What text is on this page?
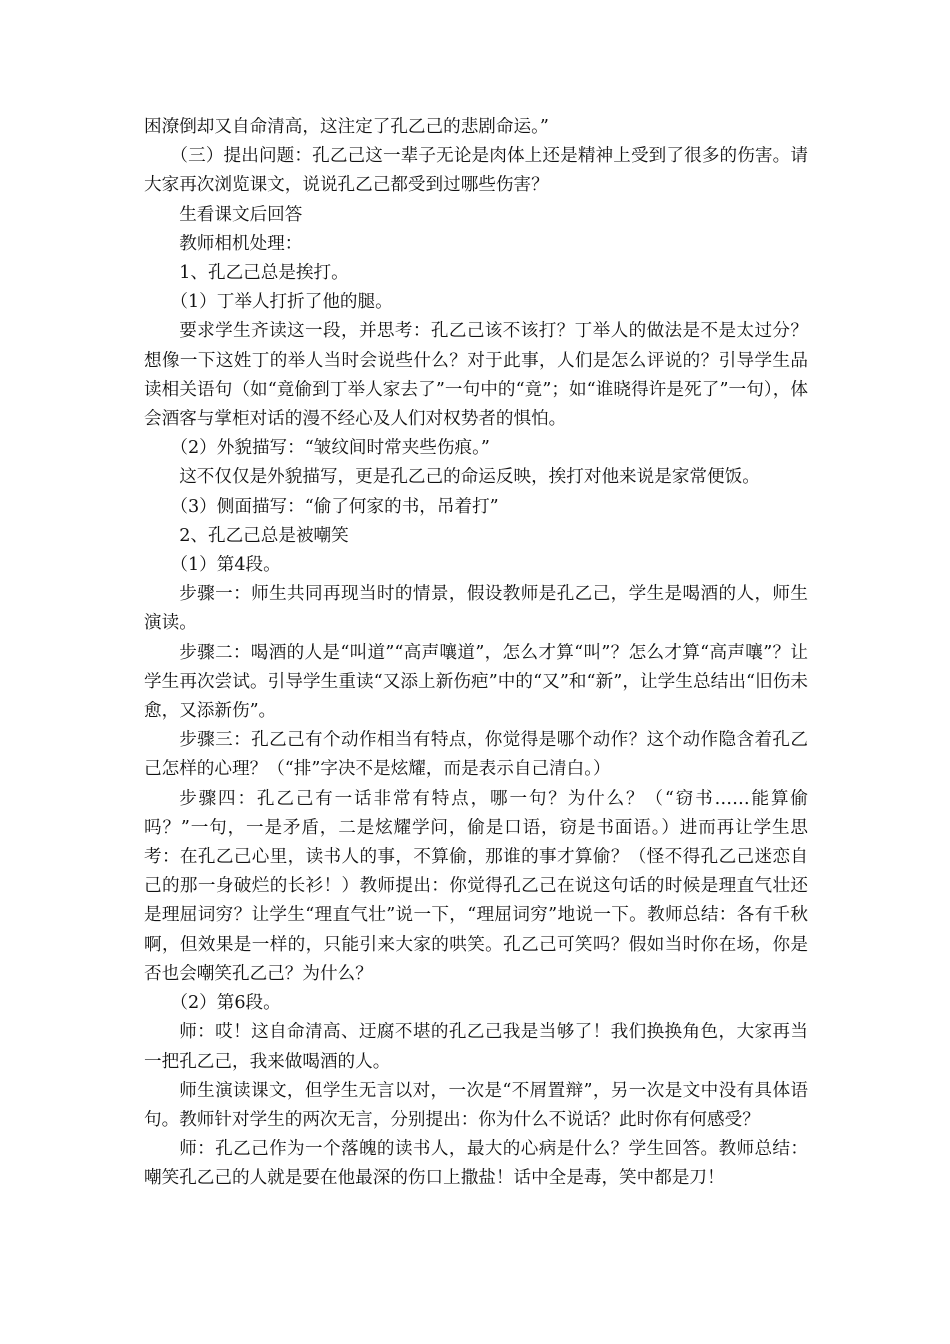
困潦倒却又自命清高，这注定了孔乙己的悲剧命运。”

（三）提出问题：孔乙己这一辈子无论是肉体上还是精神上受到了很多的伤害。请大家再次浏览课文，说说孔乙己都受到过哪些伤害？

生看课文后回答

教师相机处理：

1、孔乙己总是挨打。

（1）丁举人打折了他的腿。

要求学生齐读这一段，并思考：孔乙己该不该打？丁举人的做法是不是太过分？想像一下这姓丁的举人当时会说些什么？对于此事，人们是怎么评说的？引导学生品读相关语句（如“竟偷到丁举人家去了”一句中的“竟”；如“谁晓得许是死了”一句），体会酒客与掌柜对话的漫不经心及人们对权势者的惧怕。

（2）外貌描写：“皱纹间时常夹些伤痕。”

这不仅仅是外貌描写，更是孔乙己的命运反映，挨打对他来说是家常便饭。

（3）侧面描写：“偷了何家的书，吊着打”

2、孔乙己总是被嘲笑

（1）第4段。

步骤一：师生共同再现当时的情景，假设教师是孔乙己，学生是喝酒的人，师生演读。

步骤二：喝酒的人是“叫道”“高声嚷道”，怎么才算“叫”？怎么才算“高声嚷”？让学生再次尝试。引导学生重读“又添上新伤疤”中的“又”和“新”，让学生总结出“旧伤未愈，又添新伤”。

步骤三：孔乙己有个动作相当有特点，你觉得是哪个动作？这个动作隐含着孔乙己怎样的心理？（“排”字决不是炫耀，而是表示自己清白。）

步骤四：孔乙己有一话非常有特点，哪一句？为什么？（“窃书……能算偷吗？”一句，一是矛盾，二是炫耀学问，偷是口语，窃是书面语。）进而再让学生思考：在孔乙己心里，读书人的事，不算偷，那谁的事才算偷？（怪不得孔乙己迷恋自己的那一身破烂的长衫！）教师提出：你觉得孔乙己在说这句话的时候是理直气壮还是理屈词穷？让学生“理直气壮”说一下，“理屈词穷”地说一下。教师总结：各有千秋啊，但效果是一样的，只能引来大家的哄笑。孔乙己可笑吗？假如当时你在场，你是否也会嘲笑孔乙己？为什么？

（2）第6段。

师：哎！这自命清高、迂腐不堪的孔乙己我是当够了！我们换换角色，大家再当一把孔乙己，我来做喝酒的人。

师生演读课文，但学生无言以对，一次是“不屑置辩”，另一次是文中没有具体语句。教师针对学生的两次无言，分别提出：你为什么不说话？此时你有何感受？

师：孔乙己作为一个落魄的读书人，最大的心病是什么？学生回答。教师总结：嘲笑孔乙己的人就是要在他最深的伤口上撒盐！话中全是毒，笑中都是刀！
